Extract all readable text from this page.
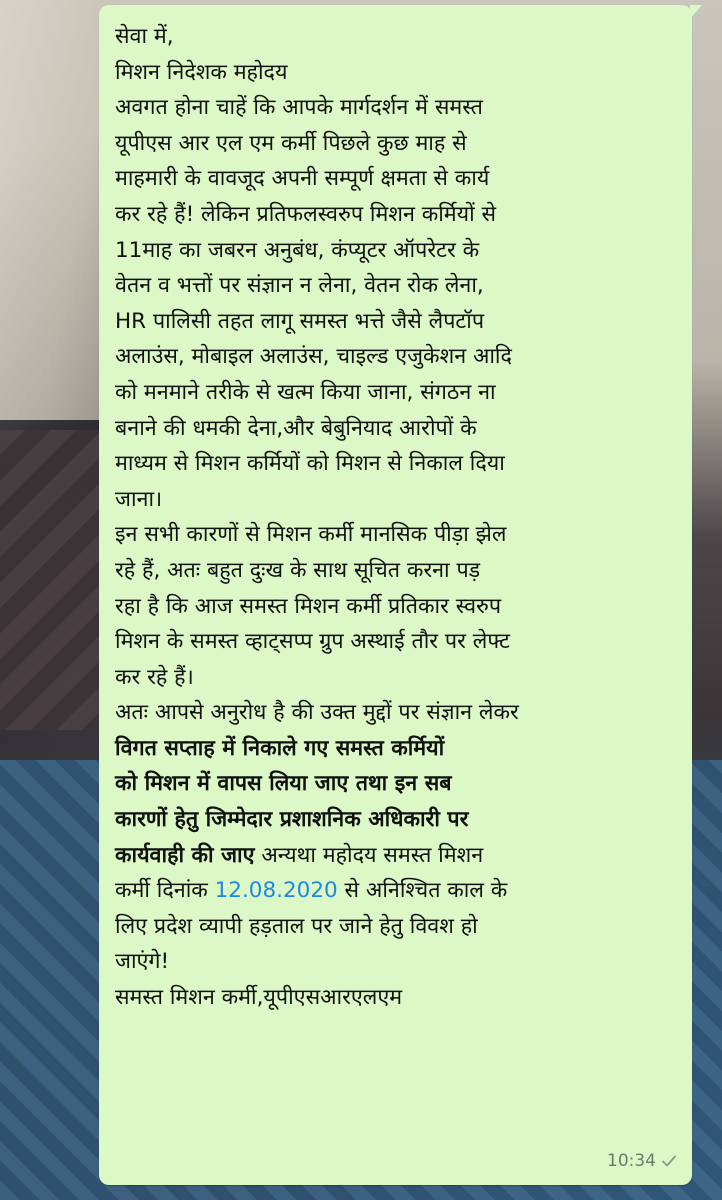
सेवा में,
मिशन निदेशक महोदय
अवगत होना चाहें कि आपके मार्गदर्शन में समस्त
यूपीएस आर एल एम कर्मी पिछले कुछ माह से
माहमारी के वावजूद अपनी सम्पूर्ण क्षमता से कार्य
कर रहे हैं! लेकिन प्रतिफलस्वरुप मिशन कर्मियों से
11माह का जबरन अनुबंध, कंप्यूटर ऑपरेटर के
वेतन व भत्तों पर संज्ञान न लेना, वेतन रोक लेना,
HR पालिसी तहत लागू समस्त भत्ते जैसे लैपटॉप
अलाउंस, मोबाइल अलाउंस, चाइल्ड एजुकेशन आदि
को मनमाने तरीके से खत्म किया जाना, संगठन ना
बनाने की धमकी देना,और बेबुनियाद आरोपों के
माध्यम से मिशन कर्मियों को मिशन से निकाल दिया
जाना।
इन सभी कारणों से मिशन कर्मी मानसिक पीड़ा झेल
रहे हैं, अतः बहुत दुःख के साथ सूचित करना पड़
रहा है कि आज समस्त मिशन कर्मी प्रतिकार स्वरुप
मिशन के समस्त व्हाट्सप्प ग्रुप अस्थाई तौर पर लेफ्ट
कर रहे हैं।
अतः आपसे अनुरोध है की उक्त मुद्दों पर संज्ञान लेकर
विगत सप्ताह में निकाले गए समस्त कर्मियों
को मिशन में वापस लिया जाए तथा इन सब
कारणों हेतु जिम्मेदार प्रशाशनिक अधिकारी पर
कार्यवाही की जाए अन्यथा महोदय समस्त मिशन
कर्मी दिनांक 12.08.2020 से अनिश्चित काल के
लिए प्रदेश व्यापी हड़ताल पर जाने हेतु विवश हो
जाएंगे!
समस्त मिशन कर्मी,यूपीएसआरएलएम

10:34
